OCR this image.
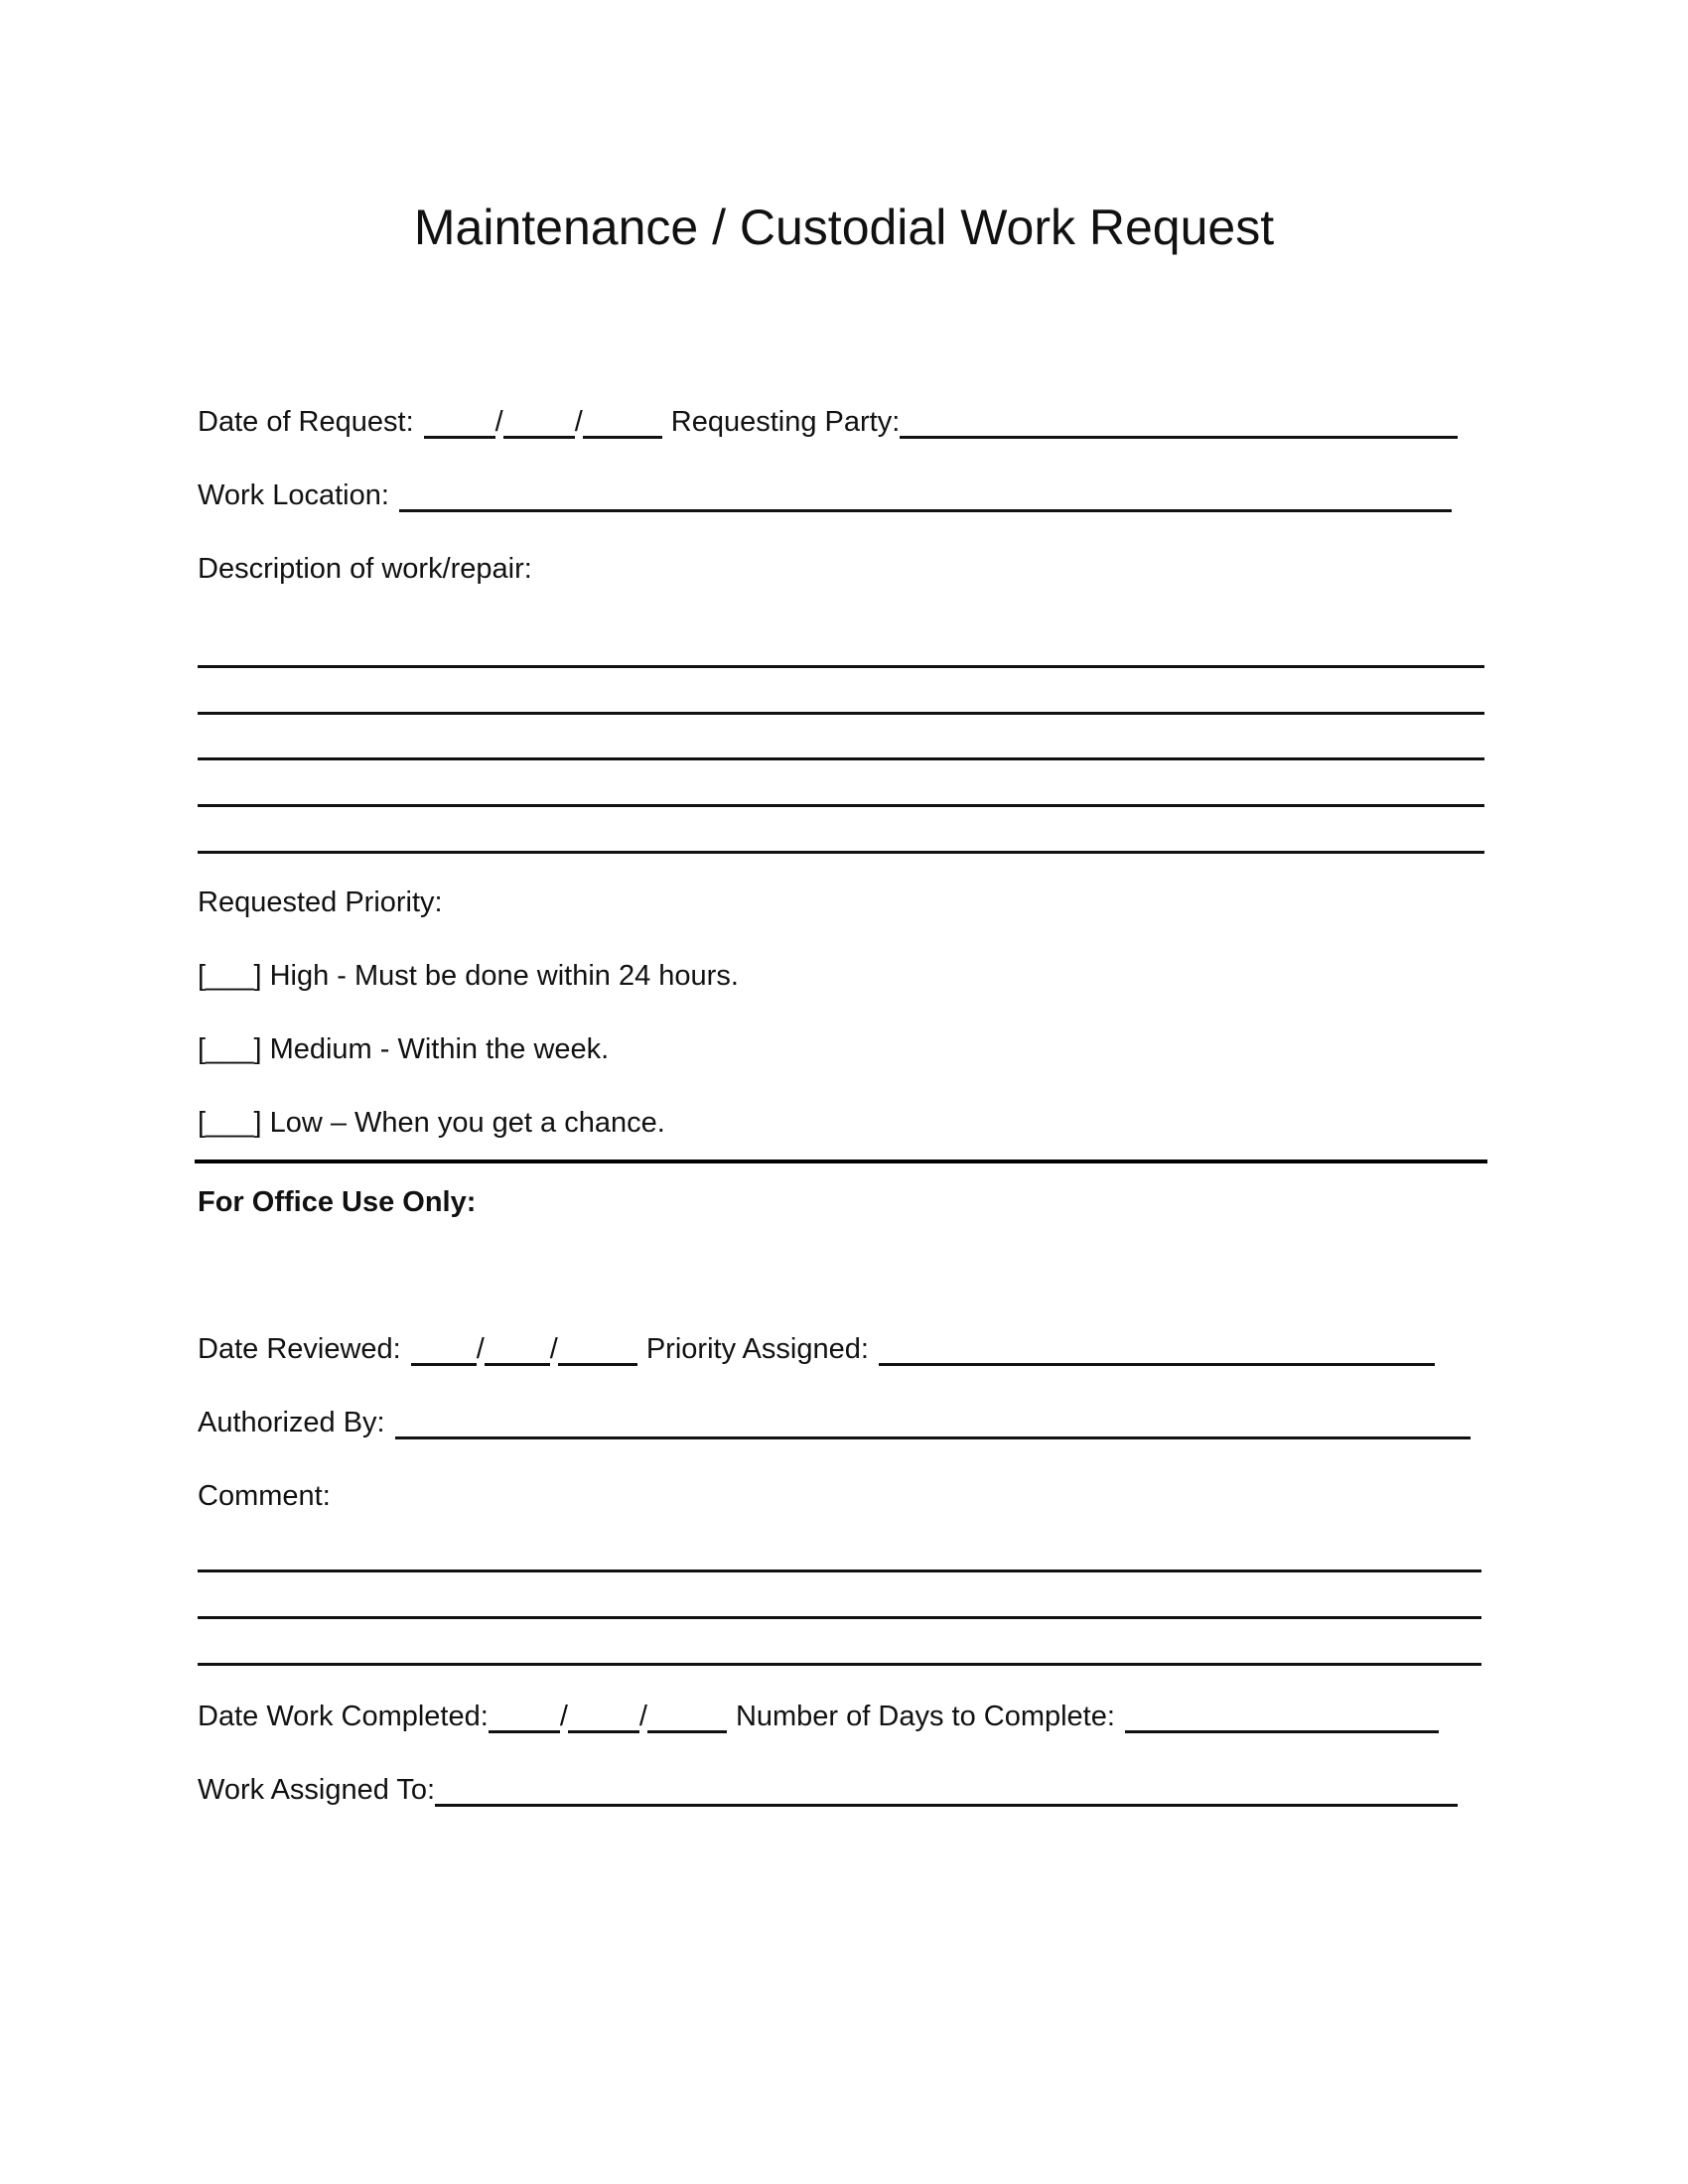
Maintenance / Custodial Work Request
Date of Request:	/ /	Requesting Party:
Work Location:
Description of work/repair:
Requested Priority:
[___] High - Must be done within 24 hours.
[___] Medium - Within the week.
[___] Low – When you get a chance.
For Office Use Only:
Date Reviewed:	/ /	Priority Assigned:
Authorized By:
Comment:
Date Work Completed: / /	Number of Days to Complete:
Work Assigned To:
